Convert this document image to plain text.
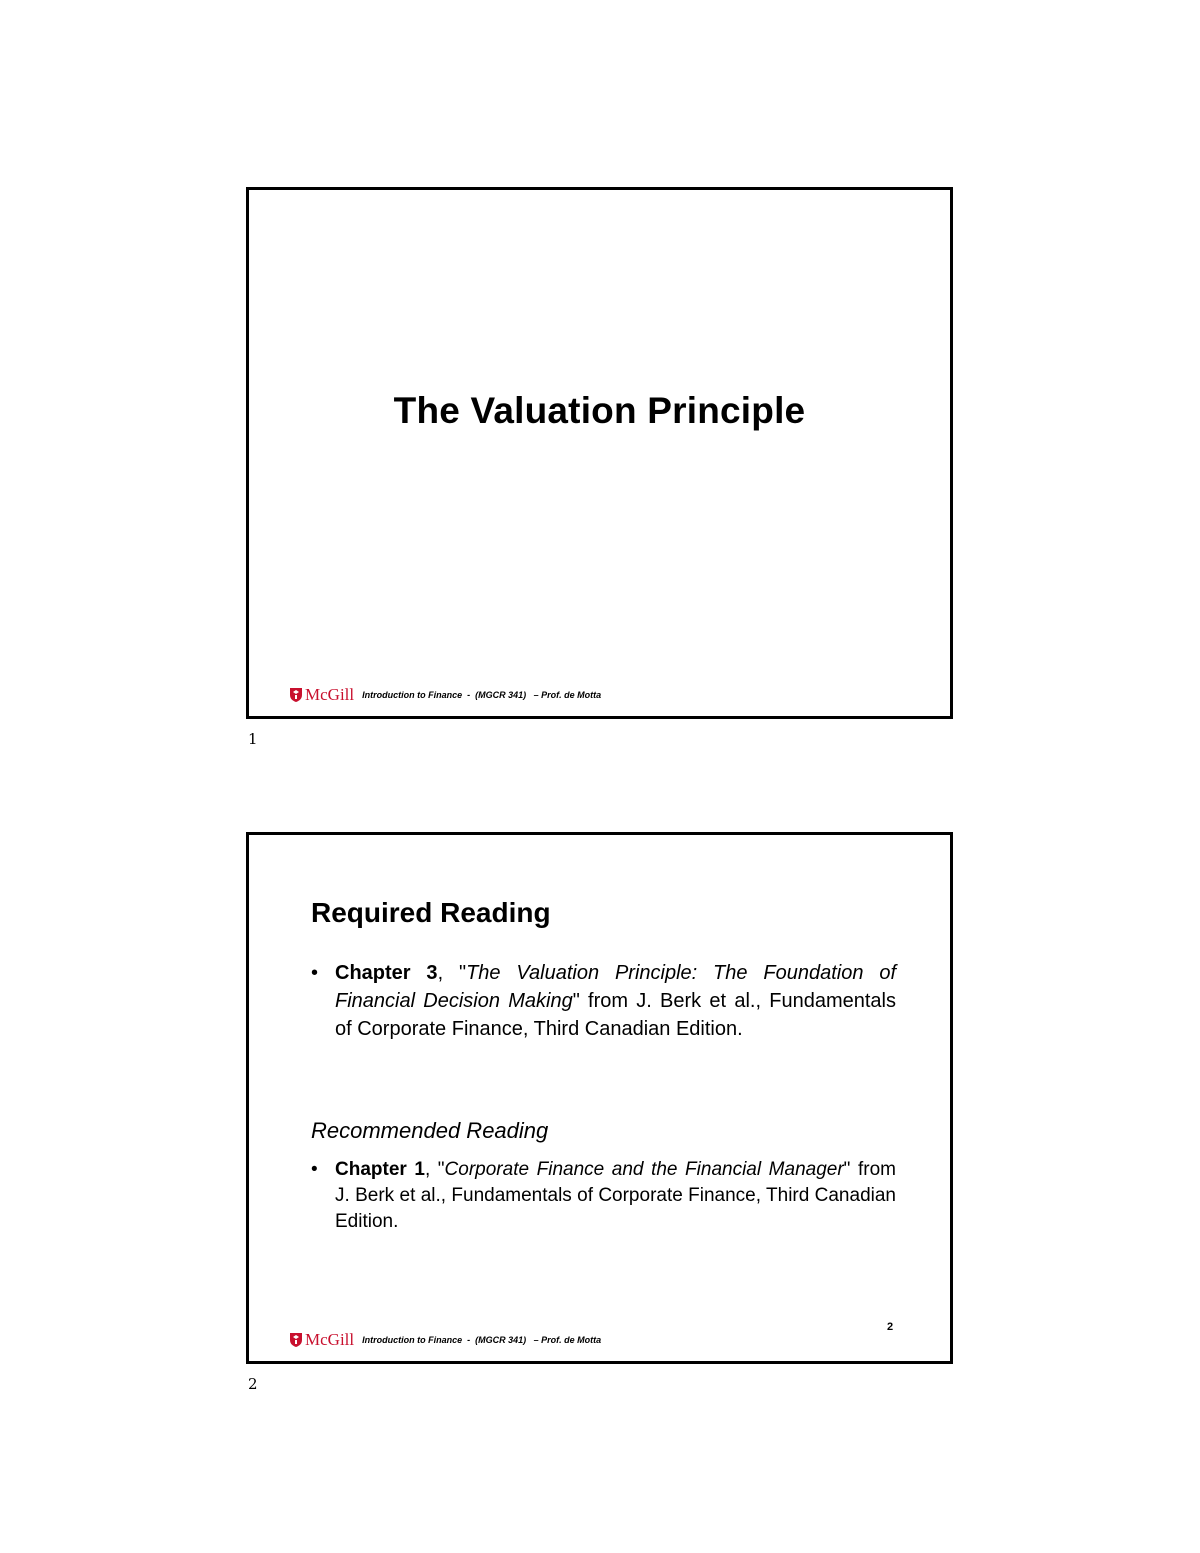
The Valuation Principle
McGill Introduction to Finance  -  (MGCR 341)   – Prof. de Motta
1
Required Reading
• Chapter 3, "The Valuation Principle: The Foundation of Financial Decision Making" from J. Berk et al., Fundamentals of Corporate Finance, Third Canadian Edition.
Recommended Reading
• Chapter 1, "Corporate Finance and the Financial Manager" from J. Berk et al., Fundamentals of Corporate Finance, Third Canadian Edition.
2
McGill Introduction to Finance  -  (MGCR 341)   – Prof. de Motta
2
